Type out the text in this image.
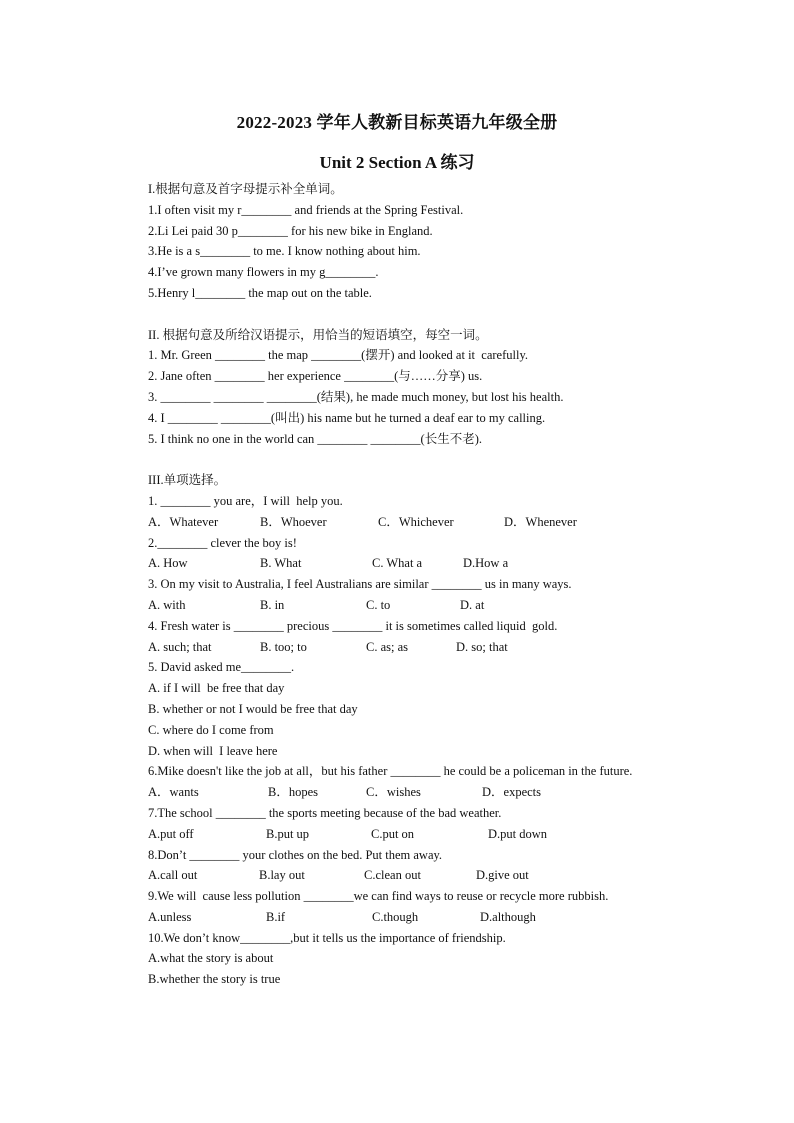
2022-2023 学年人教新目标英语九年级全册
Unit 2 Section A 练习
I.根据句意及首字母提示补全单词。
1.I often visit my r________ and friends at the Spring Festival.
2.Li Lei paid 30 p________ for his new bike in England.
3.He is a s________ to me. I know nothing about him.
4.I’ve grown many flowers in my g________.
5.Henry l________ the map out on the table.
II. 根据句意及所给汉语提示，用恰当的短语填空，每空一词。
1. Mr. Green ________ the map ________(摆开) and looked at it  carefully.
2. Jane often ________ her experience ________(与……分享) us.
3. ________ ________ ________(结果), he made much money, but lost his health.
4. I ________ ________(叫出) his name but he turned a deaf ear to my calling.
5. I think no one in the world can ________ ________(长生不老).
III.单项选择。
1. ________ you are，I will  help you.
A．Whatever	B．Whoever	C．Whichever	D．Whenever
2.________ clever the boy is!
A. How	B. What	C. What a	D.How a
3. On my visit to Australia, I feel Australians are similar ________ us in many ways.
A. with	B. in	C. to	D. at
4. Fresh water is ________ precious ________ it is sometimes called liquid  gold.
A. such; that	B. too; to	C. as; as	D. so; that
5. David asked me________.
A. if I will  be free that day
B. whether or not I would be free that day
C. where do I come from
D. when will  I leave here
6.Mike doesn't like the job at all，but his father ________ he could be a policeman in the future.
A．wants	B．hopes	C．wishes	D．expects
7.The school ________ the sports meeting because of the bad weather.
A.put off	B.put up	C.put on	D.put down
8.Don’t ________ your clothes on the bed. Put them away.
A.call out	B.lay out	C.clean out	D.give out
9.We will  cause less pollution ________we can find ways to reuse or recycle more rubbish.
A.unless	B.if	C.though	D.although
10.We don’t know________,but it tells us the importance of friendship.
A.what the story is about
B.whether the story is true
